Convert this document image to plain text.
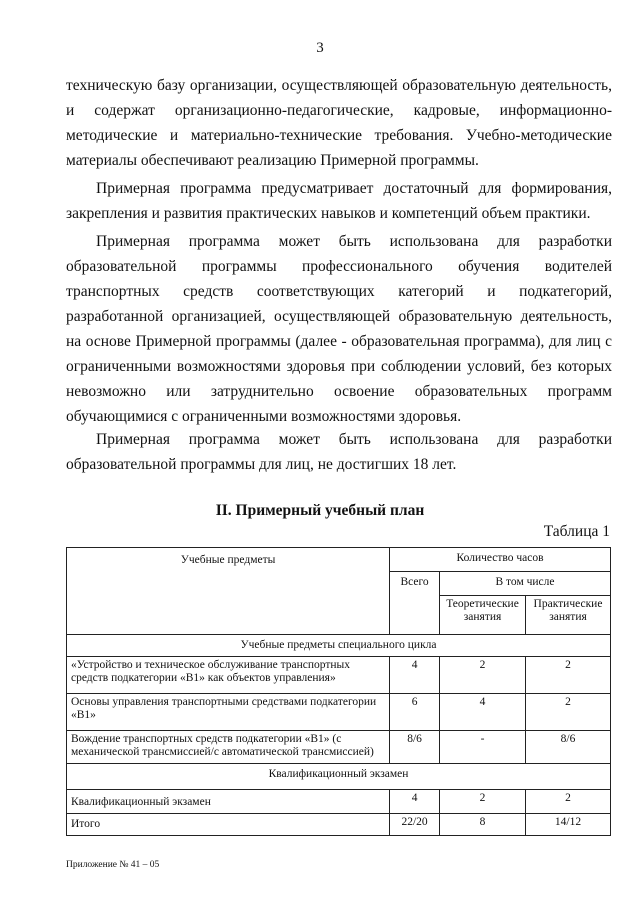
3

техническую базу организации, осуществляющей образовательную деятельность, и содержат организационно-педагогические, кадровые, информационно-методические и материально-технические требования. Учебно-методические материалы обеспечивают реализацию Примерной программы.

Примерная программа предусматривает достаточный для формирования, закрепления и развития практических навыков и компетенций объем практики.

Примерная программа может быть использована для разработки образовательной программы профессионального обучения водителей транспортных средств соответствующих категорий и подкатегорий, разработанной организацией, осуществляющей образовательную деятельность, на основе Примерной программы (далее - образовательная программа), для лиц с ограниченными возможностями здоровья при соблюдении условий, без которых невозможно или затруднительно освоение образовательных программ обучающимися с ограниченными возможностями здоровья.

Примерная программа может быть использована для разработки образовательной программы для лиц, не достигших 18 лет.

II. Примерный учебный план
Таблица 1
Учебные предметы	Количество часов		
	Всего	В том числе	
		Теоретические занятия	Практические занятия
Учебные предметы специального цикла			
«Устройство и техническое обслуживание транспортных средств подкатегории «B1» как объектов управления»	4	2	2
Основы управления транспортными средствами подкатегории «B1»	6	4	2
Вождение транспортных средств подкатегории «B1» (с механической трансмиссией/с автоматической трансмиссией)	8/6	-	8/6
Квалификационный экзамен			
Квалификационный экзамен	4	2	2
Итого	22/20	8	14/12
Приложение № 41 – 05
